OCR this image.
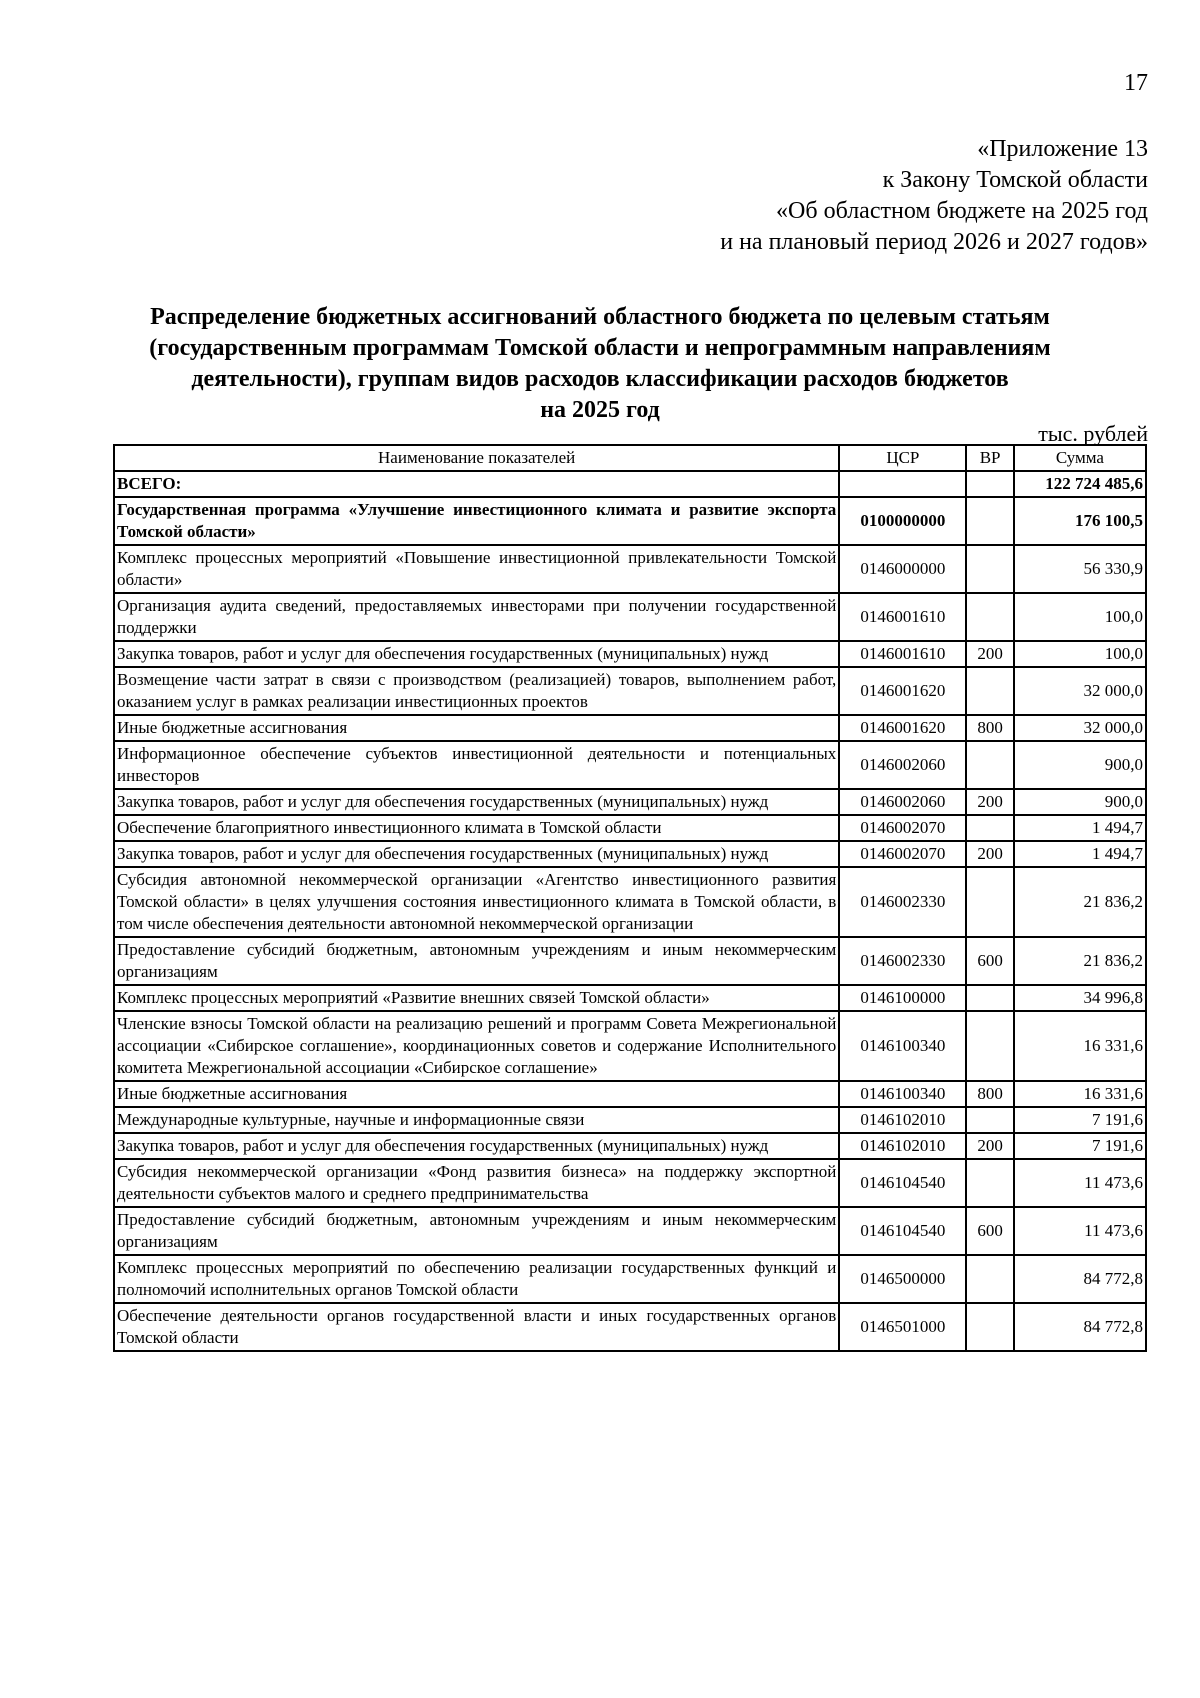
17
«Приложение 13
к Закону Томской области
«Об областном бюджете на 2025 год
и на плановый период 2026 и 2027 годов»
Распределение бюджетных ассигнований областного бюджета по целевым статьям
(государственным программам Томской области и непрограммным направлениям
деятельности), группам видов расходов классификации расходов бюджетов
на 2025 год
тыс. рублей
Наименование показателей	ЦСР	ВР	Сумма
ВСЕГО:			122 724 485,6
Государственная программа «Улучшение инвестиционного климата и развитие экспорта Томской области»	0100000000		176 100,5
Комплекс процессных мероприятий «Повышение инвестиционной привлекательности Томской области»	0146000000		56 330,9
Организация аудита сведений, предоставляемых инвесторами при получении государственной поддержки	0146001610		100,0
Закупка товаров, работ и услуг для обеспечения государственных (муниципальных) нужд	0146001610	200	100,0
Возмещение части затрат в связи с производством (реализацией) товаров, выполнением работ, оказанием услуг в рамках реализации инвестиционных проектов	0146001620		32 000,0
Иные бюджетные ассигнования	0146001620	800	32 000,0
Информационное обеспечение субъектов инвестиционной деятельности и потенциальных инвесторов	0146002060		900,0
Закупка товаров, работ и услуг для обеспечения государственных (муниципальных) нужд	0146002060	200	900,0
Обеспечение благоприятного инвестиционного климата в Томской области	0146002070		1 494,7
Закупка товаров, работ и услуг для обеспечения государственных (муниципальных) нужд	0146002070	200	1 494,7
Субсидия автономной некоммерческой организации «Агентство инвестиционного развития Томской области» в целях улучшения состояния инвестиционного климата в Томской области, в том числе обеспечения деятельности автономной некоммерческой организации	0146002330		21 836,2
Предоставление субсидий бюджетным, автономным учреждениям и иным некоммерческим организациям	0146002330	600	21 836,2
Комплекс процессных мероприятий «Развитие внешних связей Томской области»	0146100000		34 996,8
Членские взносы Томской области на реализацию решений и программ Совета Межрегиональной ассоциации «Сибирское соглашение», координационных советов и содержание Исполнительного комитета Межрегиональной ассоциации «Сибирское соглашение»	0146100340		16 331,6
Иные бюджетные ассигнования	0146100340	800	16 331,6
Международные культурные, научные и информационные связи	0146102010		7 191,6
Закупка товаров, работ и услуг для обеспечения государственных (муниципальных) нужд	0146102010	200	7 191,6
Субсидия некоммерческой организации «Фонд развития бизнеса» на поддержку экспортной деятельности субъектов малого и среднего предпринимательства	0146104540		11 473,6
Предоставление субсидий бюджетным, автономным учреждениям и иным некоммерческим организациям	0146104540	600	11 473,6
Комплекс процессных мероприятий по обеспечению реализации государственных функций и полномочий исполнительных органов Томской области	0146500000		84 772,8
Обеспечение деятельности органов государственной власти и иных государственных органов Томской области	0146501000		84 772,8
